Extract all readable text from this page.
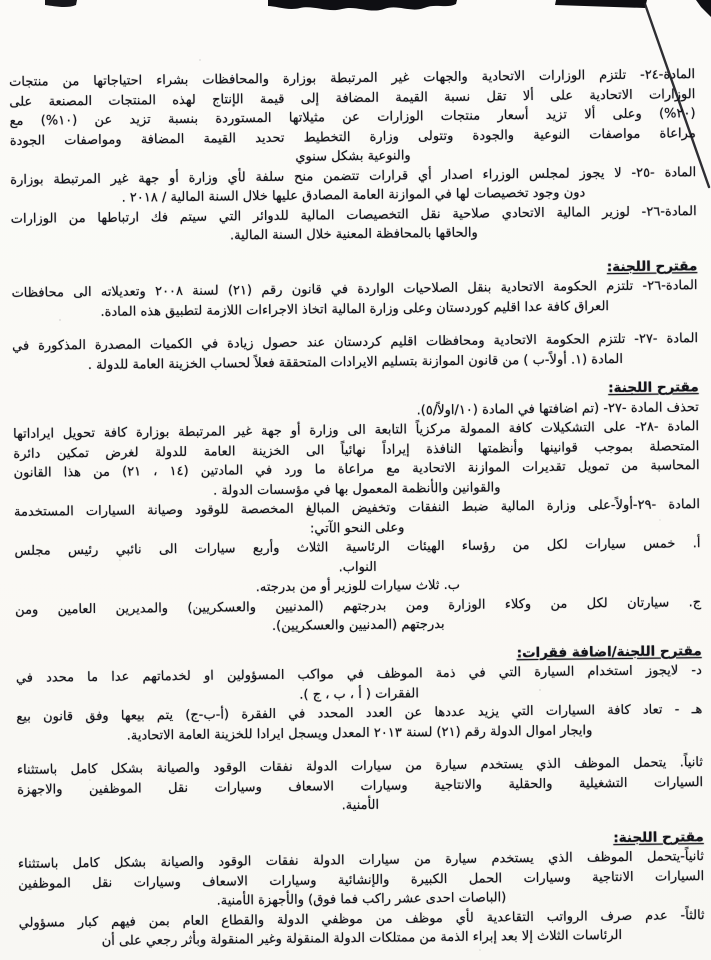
المادة-٢٤- تلتزم الوزارات الاتحادية والجهات غير المرتبطة بوزارة والمحافظات بشراء احتياجاتها من منتجات
الوزارات الاتحادية على ألا تقل نسبة القيمة المضافة إلى قيمة الإنتاج لهذه المنتجات المصنعة على
(٢٠%) وعلى ألا تزيد أسعار منتجات الوزارات عن مثيلاتها المستوردة بنسبة تزيد عن (١٠%) مع
مراعاة مواصفات النوعية والجودة وتتولى وزارة التخطيط تحديد القيمة المضافة ومواصفات الجودة
والنوعية بشكل سنوي
المادة -٢٥- لا يجوز لمجلس الوزراء اصدار أي قرارات تتضمن منح سلفة لأي وزارة أو جهة غير المرتبطة بوزارة
دون وجود تخصيصات لها في الموازنة العامة المصادق عليها خلال السنة المالية / ٢٠١٨ .
المادة-٢٦- لوزير المالية الاتحادي صلاحية نقل التخصيصات المالية للدوائر التي سيتم فك ارتباطها من الوزارات
والحاقها بالمحافظة المعنية خلال السنة المالية.
مقترح اللجنة:
المادة-٢٦- تلتزم الحكومة الاتحادية بنقل الصلاحيات الواردة في قانون رقم (٢١) لسنة ٢٠٠٨ وتعديلاته الى محافظات
العراق كافة عدا اقليم كوردستان وعلى وزارة المالية اتخاذ الاجراءات اللازمة لتطبيق هذه المادة.
المادة -٢٧- تلتزم الحكومة الاتحادية ومحافظات اقليم كردستان عند حصول زيادة في الكميات المصدرة المذكورة في
المادة (١. أولاً-ب ) من قانون الموازنة بتسليم الايرادات المتحققة فعلاً لحساب الخزينة العامة للدولة .
مقترح اللجنة:
تحذف المادة -٢٧- (تم اضافتها في المادة (١٠/اولاً/٥).
المادة -٢٨- على التشكيلات كافة الممولة مركزياً التابعة الى وزارة أو جهة غير المرتبطة بوزارة كافة تحويل ايراداتها
المتحصلة بموجب قوانينها وأنظمتها النافذة إيراداً نهائياً الى الخزينة العامة للدولة لغرض تمكين دائرة
المحاسبة من تمويل تقديرات الموازنة الاتحادية مع مراعاة ما ورد في المادتين (١٤ ، ٢١) من هذا القانون
والقوانين والأنظمة المعمول بها في مؤسسات الدولة .
المادة -٢٩-أولاً-على وزارة المالية ضبط النفقات وتخفيض المبالغ المخصصة للوقود وصيانة السيارات المستخدمة
وعلى النحو الآتي:
أ. خمس سيارات لكل من رؤساء الهيئات الرئاسية الثلاث وأربع سيارات الى نائبي رئيس مجلس
النواب.
ب. ثلاث سيارات للوزير أو من بدرجته.
ج. سيارتان لكل من وكلاء الوزارة ومن بدرجتهم (المدنيين والعسكريين) والمديرين العامين ومن
بدرجتهم (المدنيين والعسكريين).
مقترح اللجنة/اضافة فقرات:
د- لايجوز استخدام السيارة التي في ذمة الموظف في مواكب المسؤولين او لخدماتهم عدا ما محدد في
الفقرات ( أ ، ب ، ج ).
هـ - تعاد كافة السيارات التي يزيد عددها عن العدد المحدد في الفقرة (أ-ب-ج) يتم بيعها وفق قانون بيع
وايجار اموال الدولة رقم (٢١) لسنة ٢٠١٣ المعدل ويسجل ايرادا للخزينة العامة الاتحادية.
ثانياً. يتحمل الموظف الذي يستخدم سيارة من سيارات الدولة نفقات الوقود والصيانة بشكل كامل باستثناء
السيارات التشغيلية والحقلية والانتاجية وسيارات الاسعاف وسيارات نقل الموظفين والاجهزة
الأمنية.
مقترح اللجنة:
ثانياً-يتحمل الموظف الذي يستخدم سيارة من سيارات الدولة نفقات الوقود والصيانة بشكل كامل باستثناء
السيارات الانتاجية وسيارات الحمل الكبيرة والإنشائية وسيارات الاسعاف وسيارات نقل الموظفين
(الباصات احدى عشر راكب فما فوق) والأجهزة الأمنية.
ثالثاً- عدم صرف الرواتب التقاعدية لأي موظف من موظفي الدولة والقطاع العام بمن فيهم كبار مسؤولي
الرئاسات الثلاث إلا بعد إبراء الذمة من ممتلكات الدولة المنقولة وغير المنقولة وبأثر رجعي على أن
